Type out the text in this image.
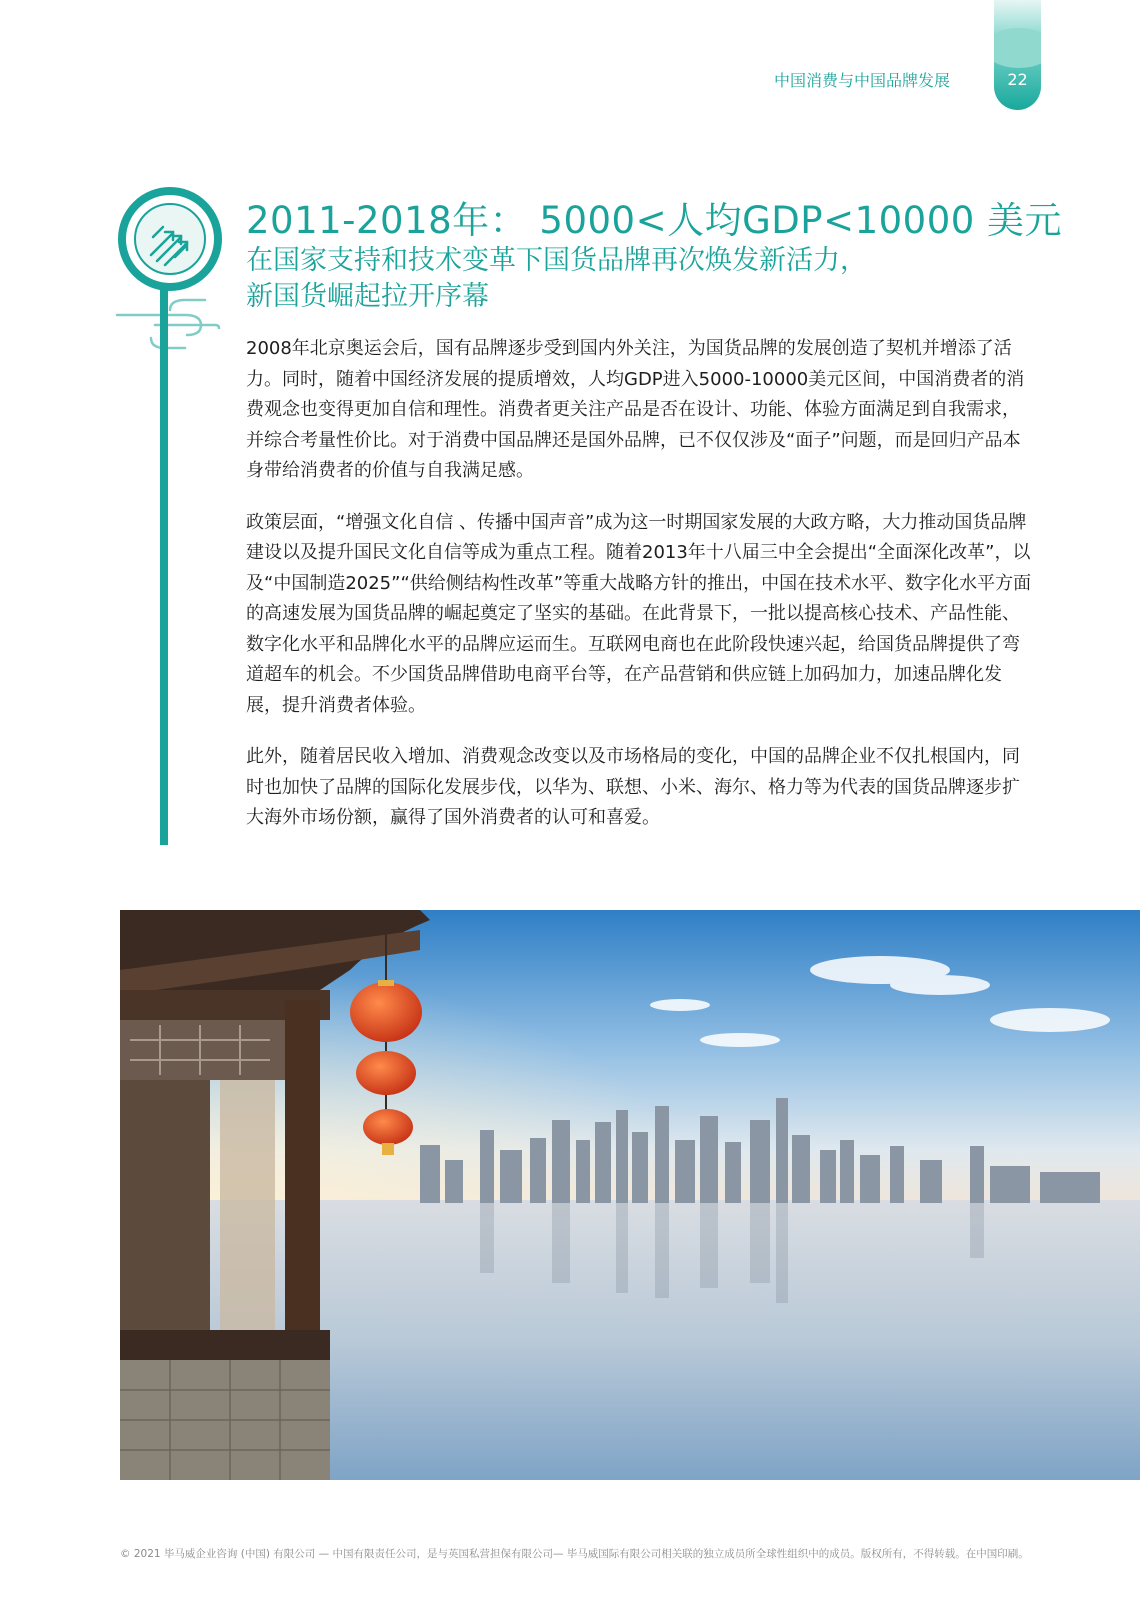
中国消费与中国品牌发展	22
2011-2018年： 5000<人均GDP<10000 美元
在国家支持和技术变革下国货品牌再次焕发新活力，
新国货崛起拉开序幕

2008年北京奥运会后，国有品牌逐步受到国内外关注，为国货品牌的发展创造了契机并增添了活力。同时，随着中国经济发展的提质增效，人均GDP进入5000-10000美元区间，中国消费者的消费观念也变得更加自信和理性。消费者更关注产品是否在设计、功能、体验方面满足到自我需求，并综合考量性价比。对于消费中国品牌还是国外品牌，已不仅仅涉及“面子”问题，而是回归产品本身带给消费者的价值与自我满足感。

政策层面，“增强文化自信 、传播中国声音”成为这一时期国家发展的大政方略，大力推动国货品牌建设以及提升国民文化自信等成为重点工程。随着2013年十八届三中全会提出“全面深化改革”，以及“中国制造2025”“供给侧结构性改革”等重大战略方针的推出，中国在技术水平、数字化水平方面的高速发展为国货品牌的崛起奠定了坚实的基础。在此背景下，一批以提高核心技术、产品性能、数字化水平和品牌化水平的品牌应运而生。互联网电商也在此阶段快速兴起，给国货品牌提供了弯道超车的机会。不少国货品牌借助电商平台等，在产品营销和供应链上加码加力，加速品牌化发展，提升消费者体验。

此外，随着居民收入增加、消费观念改变以及市场格局的变化，中国的品牌企业不仅扎根国内，同时也加快了品牌的国际化发展步伐，以华为、联想、小米、海尔、格力等为代表的国货品牌逐步扩大海外市场份额，赢得了国外消费者的认可和喜爱。

© 2021 毕马威企业咨询 (中国) 有限公司 — 中国有限责任公司，是与英国私营担保有限公司— 毕马威国际有限公司相关联的独立成员所全球性组织中的成员。版权所有，不得转载。在中国印刷。
